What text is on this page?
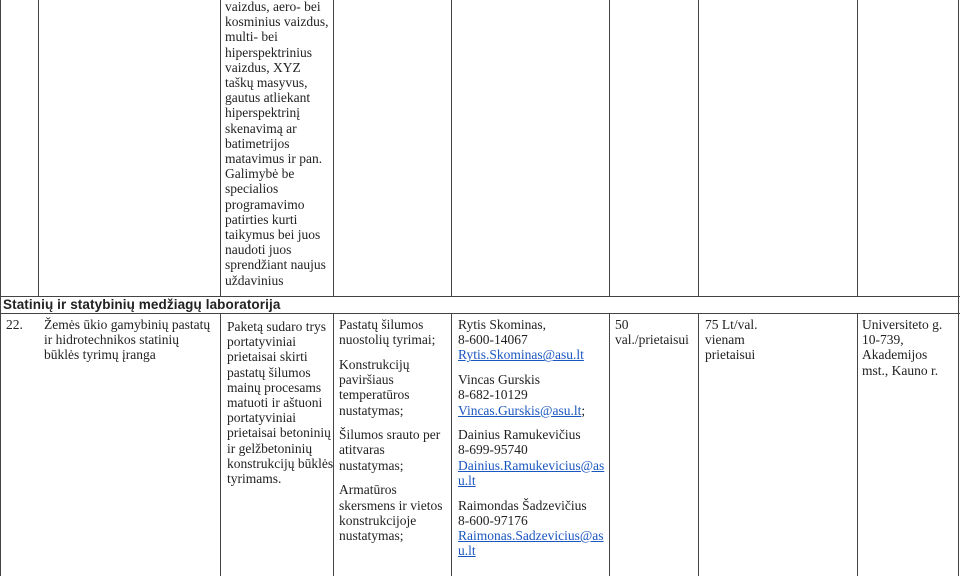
Statinių ir statybinių medžiagų laboratorija
vaizdus, aero- bei
kosminius vaizdus,
multi- bei
hiperspektrinius
vaizdus, XYZ
taškų masyvus,
gautus atliekant
hiperspektrinį
skenavimą ar
batimetrijos
matavimus ir pan.
Galimybė be
specialios
programavimo
patirties kurti
taikymus bei juos
naudoti juos
sprendžiant naujus
uždavinius
22. Žemės ūkio gamybinių pastatų
ir hidrotechnikos statinių
būklės tyrimų įranga
Paketą sudaro trys
portatyviniai
prietaisai skirti
pastatų šilumos
mainų procesams
matuoti ir aštuoni
portatyviniai
prietaisai betoninių
ir gelžbetoninių
konstrukcijų būklės
tyrimams.
Pastatų šilumos
nuostolių tyrimai;
Konstrukcijų
paviršiaus
temperatūros
nustatymas;
Šilumos srauto per
atitvaras
nustatymas;
Armatūros
skersmens ir vietos
konstrukcijoje
nustatymas;
Rytis Skominas,
8-600-14067
Rytis.Skominas@asu.lt
Vincas Gurskis
8-682-10129
Vincas.Gurskis@asu.lt;
Dainius Ramukevičius
8-699-95740
Dainius.Ramukevicius@as
u.lt
Raimondas Šadzevičius
8-600-97176
Raimonas.Sadzevicius@as
u.lt
50
val./prietaisui
75 Lt/val.
vienam
prietaisui
Universiteto g.
10-739,
Akademijos
mst., Kauno r.
